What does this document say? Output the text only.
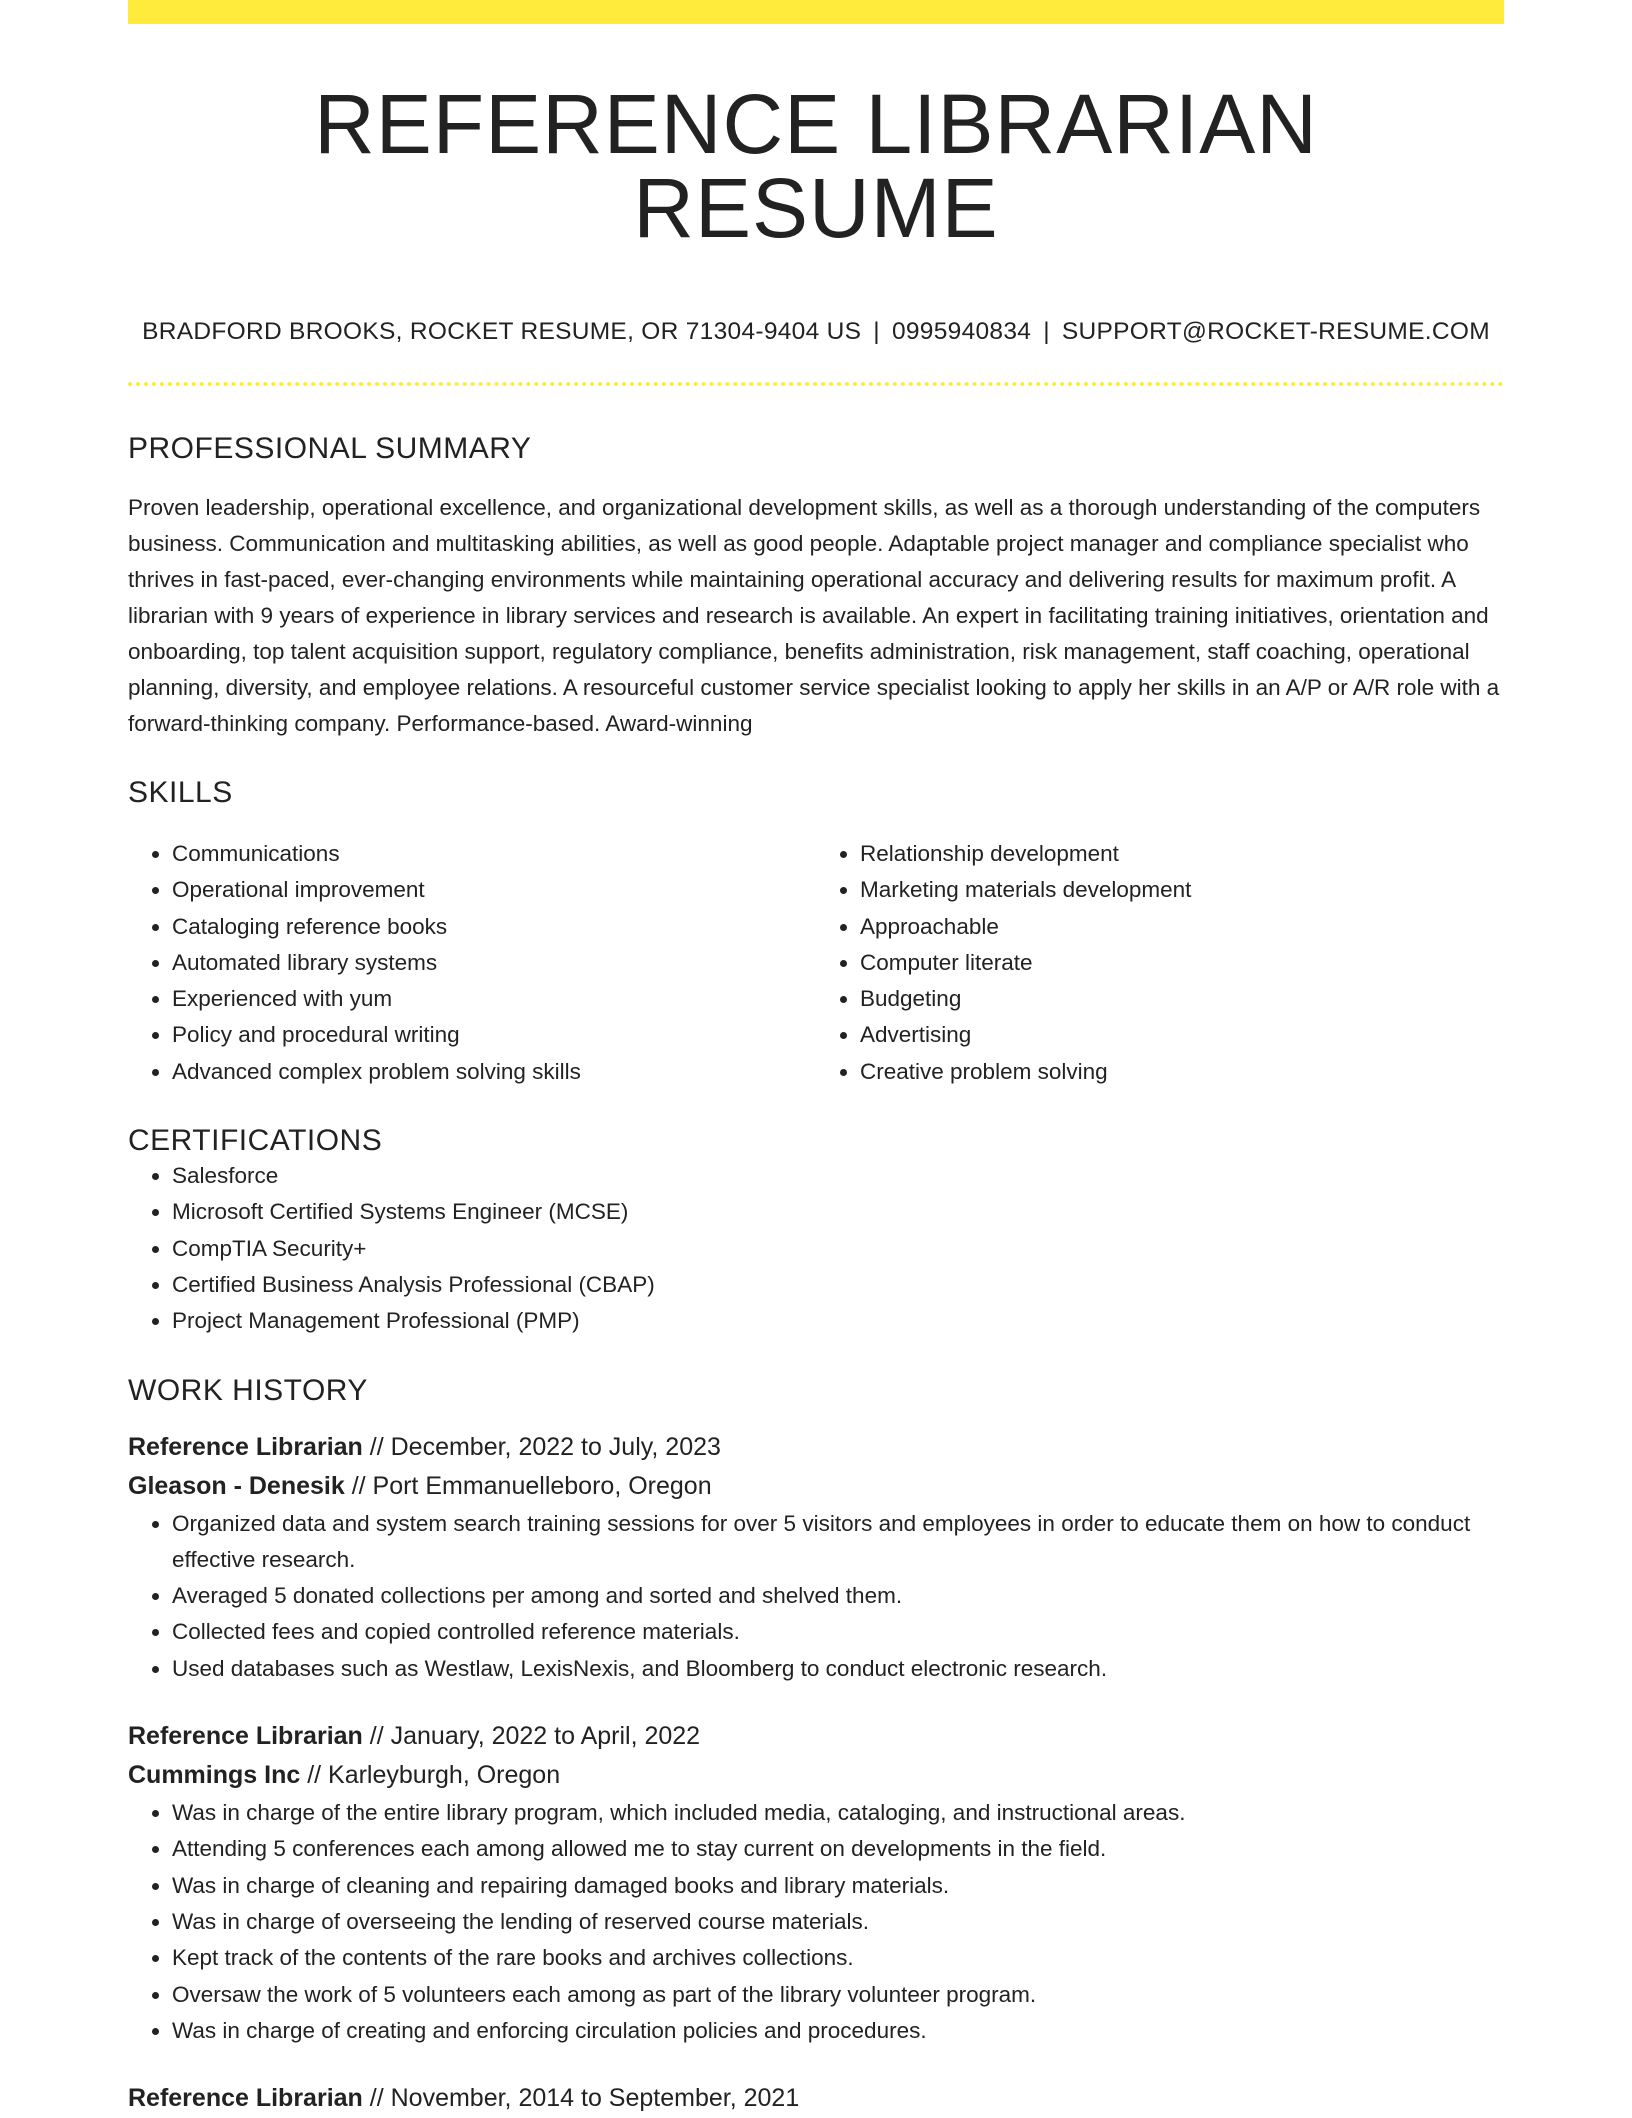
REFERENCE LIBRARIAN RESUME
BRADFORD BROOKS, ROCKET RESUME, OR 71304-9404 US | 0995940834 | SUPPORT@ROCKET-RESUME.COM
PROFESSIONAL SUMMARY

Proven leadership, operational excellence, and organizational development skills, as well as a thorough understanding of the computers business. Communication and multitasking abilities, as well as good people. Adaptable project manager and compliance specialist who thrives in fast-paced, ever-changing environments while maintaining operational accuracy and delivering results for maximum profit. A librarian with 9 years of experience in library services and research is available. An expert in facilitating training initiatives, orientation and onboarding, top talent acquisition support, regulatory compliance, benefits administration, risk management, staff coaching, operational planning, diversity, and employee relations. A resourceful customer service specialist looking to apply her skills in an A/P or A/R role with a forward-thinking company. Performance-based. Award-winning

SKILLS
• Communications
• Operational improvement
• Cataloging reference books
• Automated library systems
• Experienced with yum
• Policy and procedural writing
• Advanced complex problem solving skills
• Relationship development
• Marketing materials development
• Approachable
• Computer literate
• Budgeting
• Advertising
• Creative problem solving
CERTIFICATIONS
• Salesforce
• Microsoft Certified Systems Engineer (MCSE)
• CompTIA Security+
• Certified Business Analysis Professional (CBAP)
• Project Management Professional (PMP)
WORK HISTORY
Reference Librarian // December, 2022 to July, 2023
Gleason - Denesik // Port Emmanuelleboro, Oregon
• Organized data and system search training sessions for over 5 visitors and employees in order to educate them on how to conduct effective research.
• Averaged 5 donated collections per among and sorted and shelved them.
• Collected fees and copied controlled reference materials.
• Used databases such as Westlaw, LexisNexis, and Bloomberg to conduct electronic research.
Reference Librarian // January, 2022 to April, 2022
Cummings Inc // Karleyburgh, Oregon
• Was in charge of the entire library program, which included media, cataloging, and instructional areas.
• Attending 5 conferences each among allowed me to stay current on developments in the field.
• Was in charge of cleaning and repairing damaged books and library materials.
• Was in charge of overseeing the lending of reserved course materials.
• Kept track of the contents of the rare books and archives collections.
• Oversaw the work of 5 volunteers each among as part of the library volunteer program.
• Was in charge of creating and enforcing circulation policies and procedures.
Reference Librarian // November, 2014 to September, 2021
